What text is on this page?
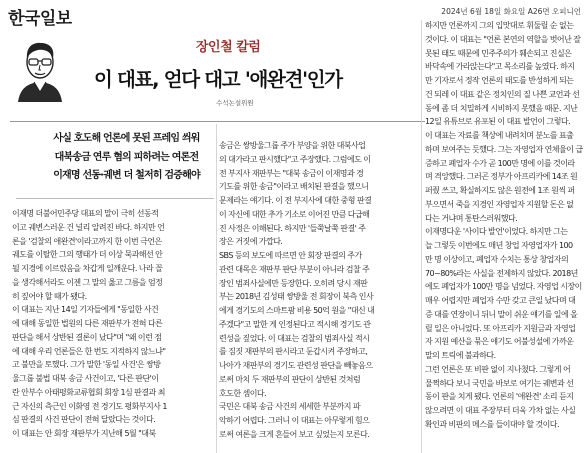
한국일보	2024년 6월 18일 화요일 A26면 오피니언
장인철 칼럼
이 대표, 얻다 대고 '애완견'인가
수석논설위원
사실 호도해 언론에 못된 프레임 씌워
대북송금 연루 혐의 피하려는 여론전
이재명 선동·궤변 더 철저히 검증해야
이재명 더불어민주당 대표의 말이 극히 선동적
이고 궤변스러운 건 널리 알려진 바다. 하지만 언
론을 '검찰의 애완견'이라고까지 한 이번 극언은
궤도를 이탈한 그의 행태가 더 이상 묵과해선 안
될 지경에 이르렀음을 차갑게 일깨운다. 나라 꼴
을 생각해서라도 이젠 그 말의 옳고 그름을 엄정
히 짚어야 할 때가 됐다.
이 대표는 지난 14일 기자들에게 "동일한 사건
에 대해 동일한 법원의 다른 재판부가 전혀 다른
판단을 해서 상반된 결론이 났다"며 "왜 이런 점
에 대해 우리 언론들은 한 번도 지적하지 않느냐"
고 불만을 토했다. 그가 말한 '동일 사건'은 쌍방
울그룹 불법 대북 송금 사건이고, '다른 판단'이
란 안부수 아태평화교류협회 회장 1심 판결과 최
근 자신의 측근인 이화영 전 경기도 평화부지사 1
심 판결의 사건 판단이 전혀 달랐다는 것이다.
이 대표는 안 회장 재판부가 지난해 5월 "대북
송금은 쌍방울그룹 주가 부양을 위한 대북사업
의 대가라고 판시했다"고 주장했다. 그럼에도 이
전 부지사 재판부는 "대북 송금이 이재명과 경
기도를 위한 송금"이라고 배치된 판결을 했으니
문제라는 얘기다. 이 전 부지사에 대한 중형 판결
이 자신에 대한 추가 기소로 이어진 만큼 다급해
진 사정은 이해된다. 하지만 '들쭉날쭉 판결' 주
장은 거짓에 가깝다.
SBS 등의 보도에 따르면 안 회장 판결의 주가
관련 대목은 재판부 판단 부분이 아니라 검찰 주
장인 범죄사실에만 등장한다. 오히려 당시 재판
부는 2018년 김성태 쌍방울 전 회장이 북측 인사
에게 경기도의 스마트팜 비용 50억 원을 "대신 내
주겠다"고 말한 게 인정된다고 적시해 경기도 관
련성을 짚었다. 이 대표는 검찰의 범죄사실 적시
를 짐짓 재판부의 판시라고 둔갑시켜 주장하고,
나아가 재판부의 경기도 관련성 판단을 빼놓음으
로써 마치 두 재판부의 판단이 상반된 것처럼
호도한 셈이다.
국민은 대북 송금 사건의 세세한 부분까지 파
악하기 어렵다. 그러니 이 대표는 아무렇게 힘으
로써 여론을 크게 흔들어 보고 싶었는지 모른다.
하지만 언론까지 그의 입맛대로 휘둘릴 순 없는
것이다. 이 대표는 "언론 본연의 역할을 벗어난 잘
못된 태도 때문에 민주주의가 훼손되고 진실은
바닥속에 가라앉는다"고 목소리를 높였다. 하지
만 기자로서 정작 언론의 태도를 반성하게 되는
건 되레 이 대표 같은 정치인의 질 나쁜 교언과 선
동에 좀 더 치밀하게 시비하지 못했음 때문. 지난
12일 유튜브로 유포된 이 대표 발언이 그렇다.
이 대표는 자료를 책상에 내려치며 분노를 표출
하며 보여주는 듯했다. 그는 자영업자 연체율이 급
증하고 폐업자 수가 곧 100만 명에 이를 것이라
며 격앙했다. 그러곤 정부가 아프리카에 14조 원
퍼줬 쓰고, 확실하지도 않은 원전에 1조 원씩 퍼
부으면서 죽을 지경인 자영업자 지원할 돈은 없
다는 거냐며 통탄스러워했다.
이재명다운 '사이다 발언'이었다. 하지만 그는
늘 그렇듯 이번에도 매년 창업 자영업자가 100
만 명 이상이고, 폐업자 수치는 통상 창업자의
70~80%라는 사실을 전제하지 않았다. 2018년
에도 폐업자가 100만 명을 넘었다. 자영업 시장이
매우 어렵지만 폐업자 수만 갖고 큰일 났다며 대
증 대를 연장이니 뒤니 말이 쉬운 얘기를 일에 올
릴 일은 아니었다. 또 아프리카 지원금과 자영업
자 지원 예산을 묶은 얘기도 어불성설에 가까운
말의 트릭에 불과하다.
그런 언론은 또 비판 없이 지나쳤다. 그렇게 어
물쩍하다 보니 국민을 바보로 여기는 궤변과 선
동이 판을 치게 됐다. 언론의 '애완견' 소리 듣지
않으려면 이 대표 주장부터 더욱 가차 없는 사실
확인과 비판의 메스를 들이대야 할 것이다.
